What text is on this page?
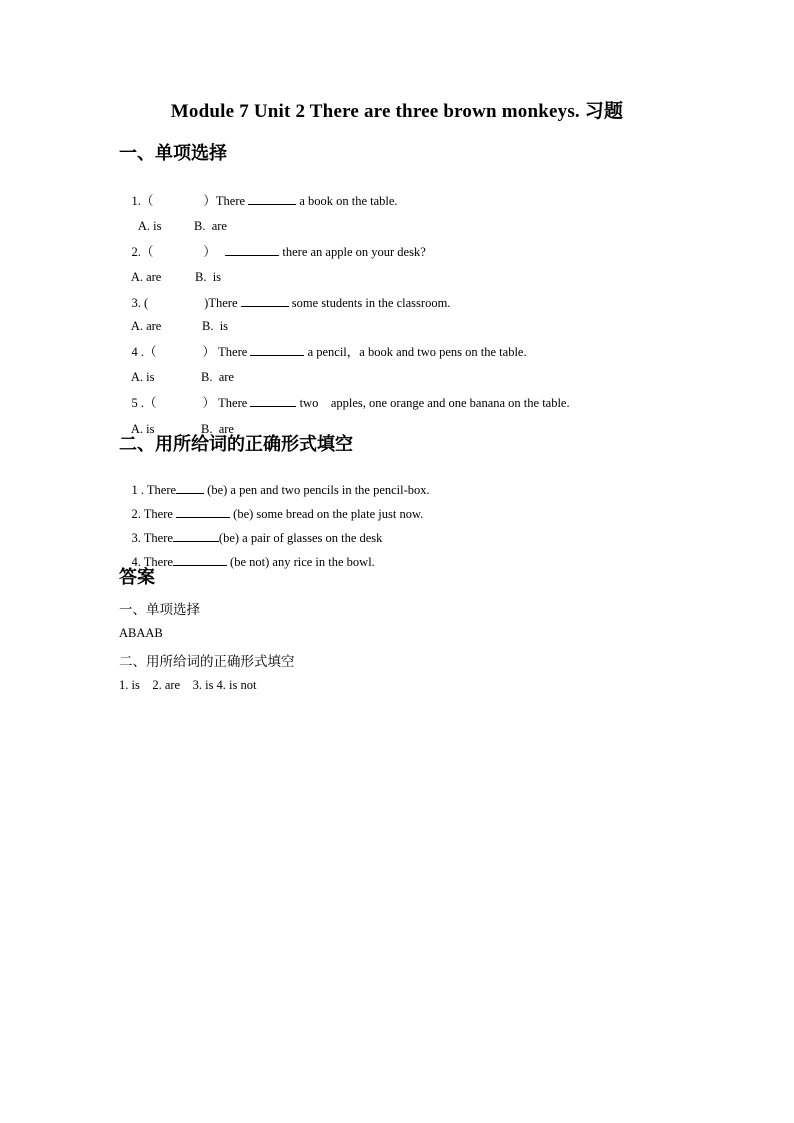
Module 7 Unit 2 There are three brown monkeys. 习题
一、单项选择

1.（	）There	a book on the table.

A. is	B.  are

2.（	）	there an apple on your desk?

A. are	B.  is

3. (	)There	some students in the classroom.

A. are	B.  is

4 .（	） There	a pencil，a book and two pens on the table.

A. is	B.  are

5 .（	） There	two    apples, one orange and one banana on the table.

A. is	B.  are

二、用所给词的正确形式填空

1 . There (be) a pen and two pencils in the pencil-box.

2. There	(be) some bread on the plate just now.

3. There	(be) a pair of glasses on the desk

4. There	(be not) any rice in the bowl.

答案
一、单项选择
ABAAB
二、用所给词的正确形式填空
1. is    2. are    3. is 4. is not
